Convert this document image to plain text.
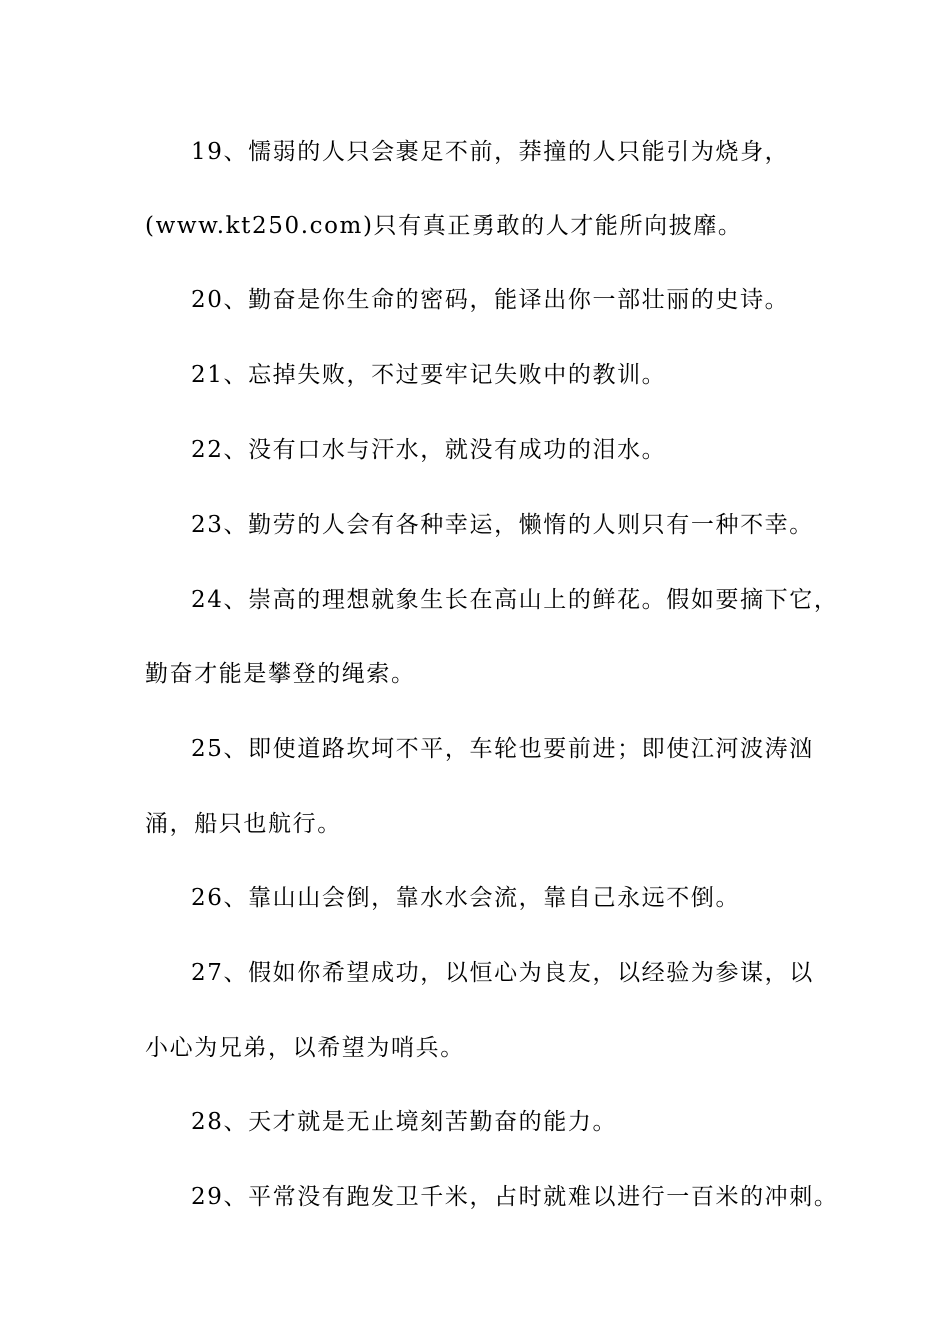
19、懦弱的人只会裹足不前，莽撞的人只能引为烧身，
(www.kt250.com)只有真正勇敢的人才能所向披靡。
20、勤奋是你生命的密码，能译出你一部壮丽的史诗。
21、忘掉失败，不过要牢记失败中的教训。
22、没有口水与汗水，就没有成功的泪水。
23、勤劳的人会有各种幸运，懒惰的人则只有一种不幸。
24、崇高的理想就象生长在高山上的鲜花。假如要摘下它，
勤奋才能是攀登的绳索。
25、即使道路坎坷不平，车轮也要前进；即使江河波涛汹
涌，船只也航行。
26、靠山山会倒，靠水水会流，靠自己永远不倒。
27、假如你希望成功，以恒心为良友，以经验为参谋，以
小心为兄弟，以希望为哨兵。
28、天才就是无止境刻苦勤奋的能力。
29、平常没有跑发卫千米，占时就难以进行一百米的冲刺。
